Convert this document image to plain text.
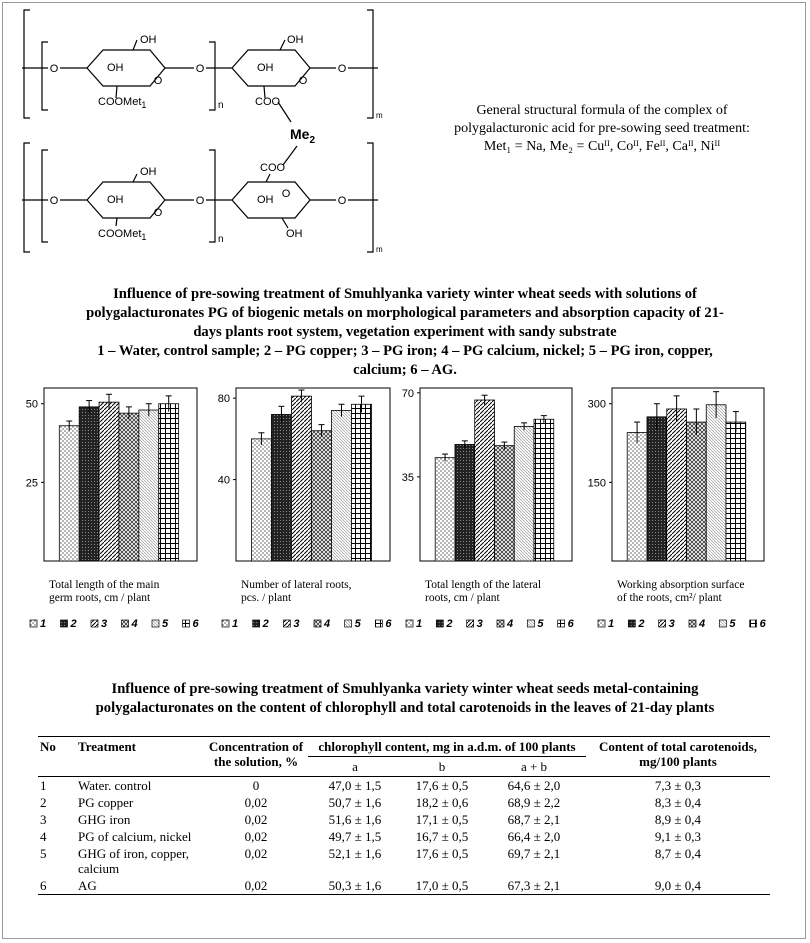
O	O	O
O	O
OH	OH
OH	OH
COOMet$_1$	COO
n
m
$Me_2$
O	O	O
O
O
OH
OH
COO
OH
OH
COOMet$_1$	n
m
General structural formula of the complex of
polygalacturonic acid for pre-sowing seed treatment:
Met₁ = Na, Me₂ = Cuᴵᴵ, Coᴵᴵ, Feᴵᴵ, Caᴵᴵ, Niᴵᴵ
Influence of pre-sowing treatment of Smuhlyanka variety winter wheat seeds with solutions of
polygalacturonates PG of biogenic metals on morphological parameters and absorption capacity of 21-
days plants root system, vegetation experiment with sandy substrate
1 – Water, control sample; 2 – PG copper; 3 – PG iron; 4 – PG calcium, nickel; 5 – PG iron, copper,
calcium; 6 – AG.
25
50
Total length of the main
germ roots, cm / plant
1 2 3 4 5 6
40
80
Number of lateral roots,
pcs. / plant
1 2 3 4 5 6
35
70
Total length of the lateral
roots, cm / plant
1 2 3 4 5 6
150
300
Working absorption surface
of the roots, cm²/ plant
1 2 3 4 5 6
Influence of pre-sowing treatment of Smuhlyanka variety winter wheat seeds metal-containing
polygalacturonates on the content of chlorophyll and total carotenoids in the leaves of 21-day plants
No	Treatment	Concentration of the solution, %	chlorophyll content, mg in a.d.m. of 100 plants			Content of total carotenoids, mg/100 plants
			a	b	a + b	
1	Water. control	0	47,0 ± 1,5	17,6 ± 0,5	64,6 ± 2,0	7,3 ± 0,3
2	PG copper	0,02	50,7 ± 1,6	18,2 ± 0,6	68,9 ± 2,2	8,3 ± 0,4
3	GHG iron	0,02	51,6 ± 1,6	17,1 ± 0,5	68,7 ± 2,1	8,9 ± 0,4
4	PG of calcium, nickel	0,02	49,7 ± 1,5	16,7 ± 0,5	66,4 ± 2,0	9,1 ± 0,3
5	GHG of iron, copper, calcium	0,02	52,1 ± 1,6	17,6 ± 0,5	69,7 ± 2,1	8,7 ± 0,4
6	AG	0,02	50,3 ± 1,6	17,0 ± 0,5	67,3 ± 2,1	9,0 ± 0,4
